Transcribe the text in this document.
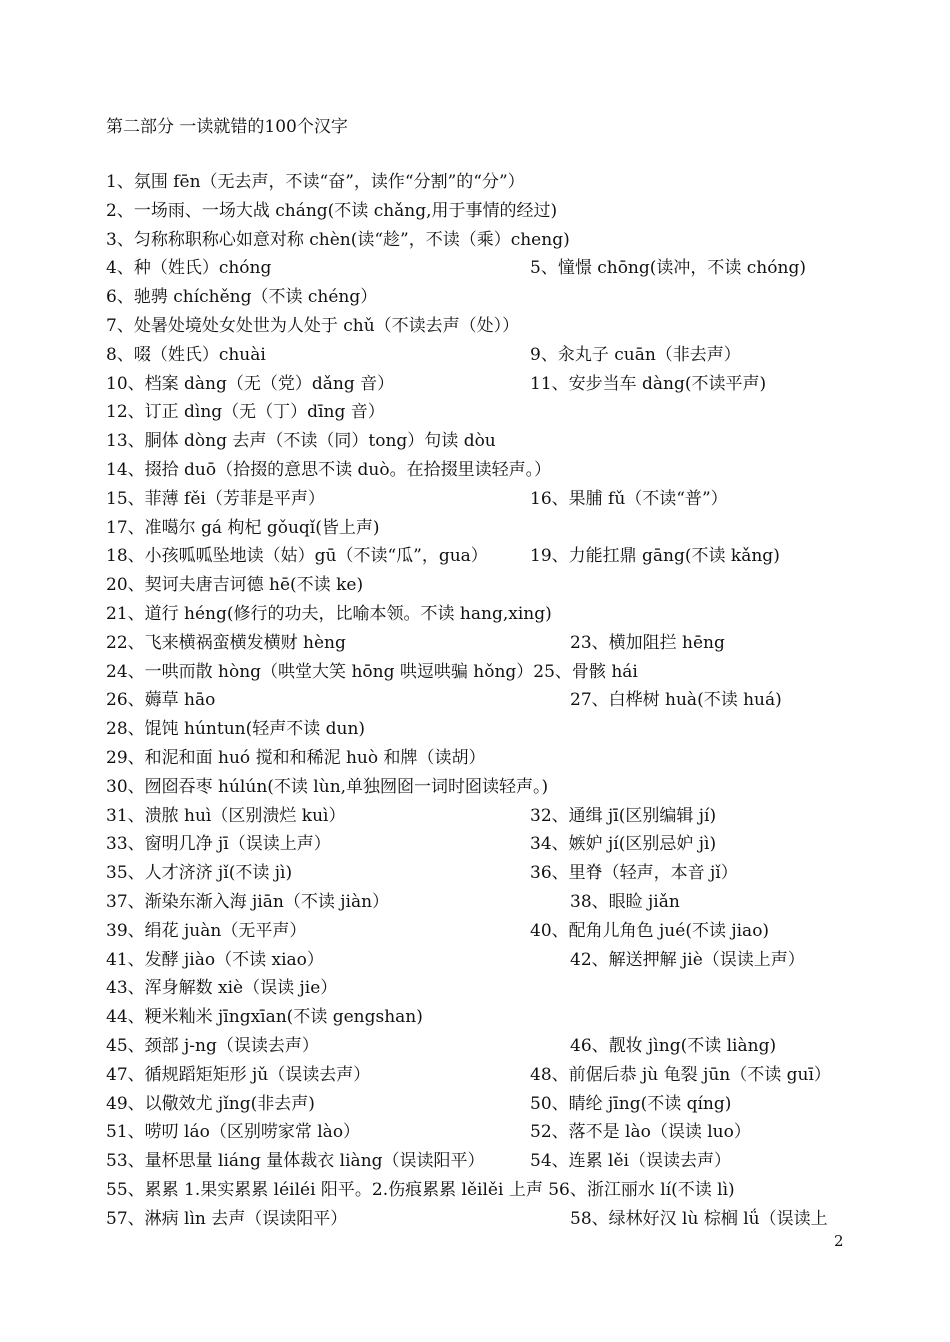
第二部分 一读就错的100个汉字
1、氛围 fēn（无去声，不读“奋”，读作“分割”的“分”）
2、一场雨、一场大战 cháng(不读 chǎng,用于事情的经过)
3、匀称称职称心如意对称 chèn(读“趁”，不读（乘）cheng)
4、种（姓氏）chóng	5、憧憬 chōng(读冲，不读 chóng)
6、驰骋 chíchěng（不读 chéng）
7、处暑处境处女处世为人处于 chǔ（不读去声（处））
8、啜（姓氏）chuài	9、汆丸子 cuān（非去声）
10、档案 dàng（无（党）dǎng 音）	11、安步当车 dàng(不读平声)
12、订正 dìng（无（丁）dīng 音）
13、胴体 dòng 去声（不读（同）tong）句读 dòu
14、掇拾 duō（拾掇的意思不读 duò。在拾掇里读轻声。）
15、菲薄 fěi（芳菲是平声）	16、果脯 fǔ（不读“普”）
17、准噶尔 gá 枸杞 gǒuqǐ(皆上声)
18、小孩呱呱坠地读（姑）gū（不读“瓜”，gua） 19、力能扛鼎 gāng(不读 kǎng)
20、契诃夫唐吉诃德 hē(不读 ke)
21、道行 héng(修行的功夫，比喻本领。不读 hang,xing)
22、飞来横祸蛮横发横财 hèng	23、横加阻拦 hēng
24、一哄而散 hòng（哄堂大笑 hōng 哄逗哄骗 hǒng）25、骨骸 hái
26、薅草 hāo	27、白桦树 huà(不读 huá)
28、馄饨 húntun(轻声不读 dun)
29、和泥和面 huó 搅和和稀泥 huò 和牌（读胡）
30、囫囵吞枣 húlún(不读 lùn,单独囫囵一词时囵读轻声。)
31、溃脓 huì（区别溃烂 kuì）	32、通缉 jī(区别编辑 jí)
33、窗明几净 jī（误读上声）	34、嫉妒 jí(区别忌妒 jì)
35、人才济济 jǐ(不读 jì)	36、里脊（轻声，本音 jǐ）
37、渐染东渐入海 jiān（不读 jiàn）	38、眼睑 jiǎn
39、绢花 juàn（无平声）	40、配角儿角色 jué(不读 jiao)
41、发酵 jiào（不读 xiao）	42、解送押解 jiè（误读上声）
43、浑身解数 xiè（误读 jie）
44、粳米籼米 jīngxīan(不读 gengshan)
45、颈部 j-ng（误读去声）	46、靓妆 jìng(不读 liàng)
47、循规蹈矩矩形 jǔ（误读去声）	48、前倨后恭 jù 龟裂 jūn（不读 guī）
49、以儆效尤 jǐng(非去声)	50、睛纶 jīng(不读 qíng)
51、唠叨 láo（区别唠家常 lào）	52、落不是 lào（误读 luo）
53、量杯思量 liáng 量体裁衣 liàng（误读阳平）	54、连累 lěi（误读去声）
55、累累 1.果实累累 léiléi 阳平。2.伤痕累累 lěilěi 上声 56、浙江丽水 lí(不读 lì)
57、淋病 lìn 去声（误读阳平）	58、绿林好汉 lù 棕榈 lǘ（误读上
2
